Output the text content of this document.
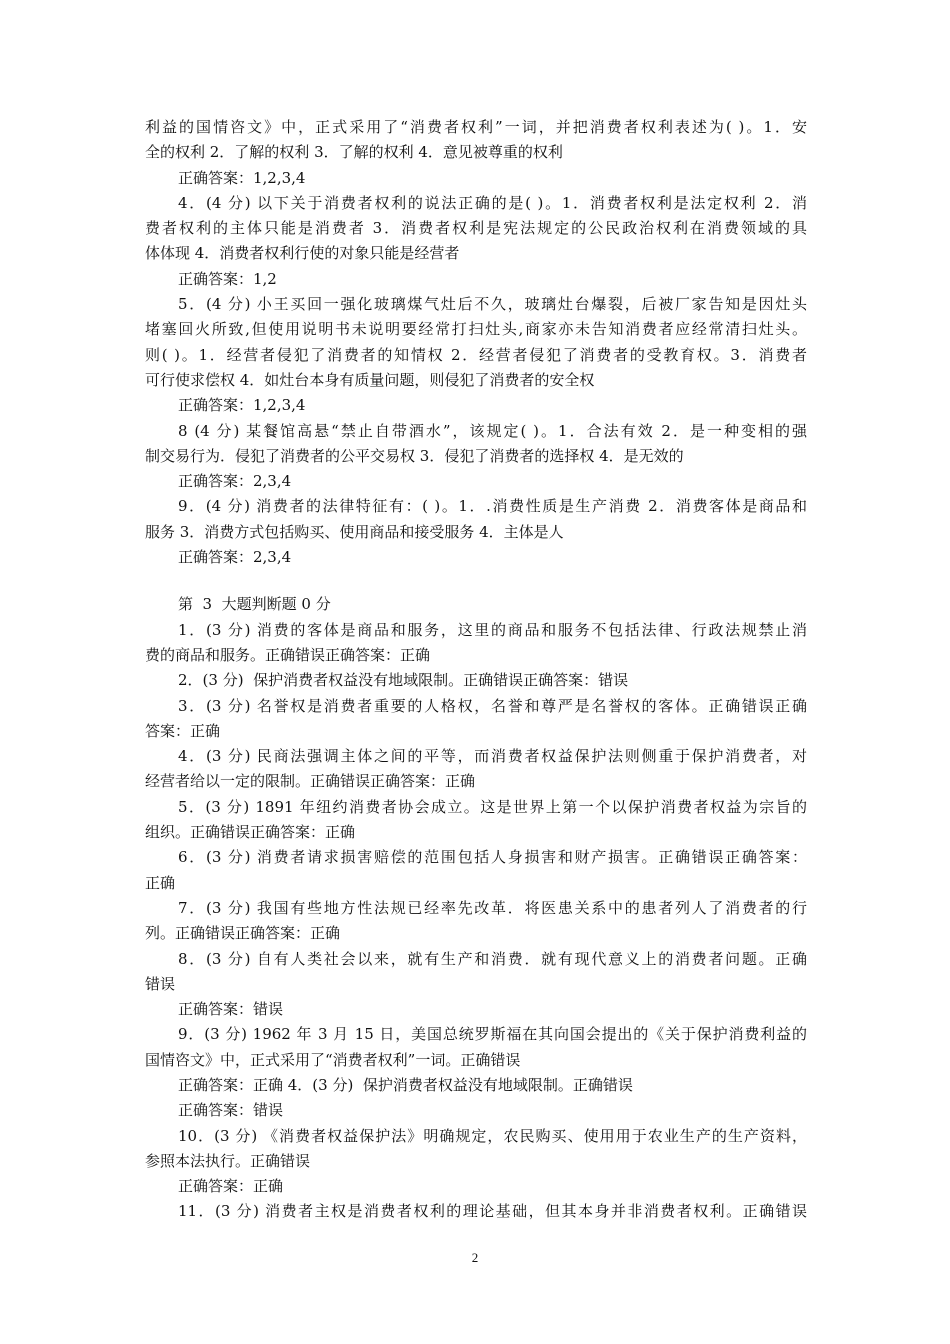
利益的国情咨文》中，正式采用了“消费者权利”一词，并把消费者权利表述为( )。1．安
全的权利 2．了解的权利 3．了解的权利 4．意见被尊重的权利
正确答案：1,2,3,4
4．(4 分) 以下关于消费者权利的说法正确的是( )。1．消费者权利是法定权利 2．消
费者权利的主体只能是消费者 3．消费者权利是宪法规定的公民政治权利在消费领域的具
体体现 4．消费者权利行使的对象只能是经营者
正确答案：1,2
5．(4 分) 小王买回一强化玻璃煤气灶后不久，玻璃灶台爆裂，后被厂家告知是因灶头
堵塞回火所致,但使用说明书未说明要经常打扫灶头,商家亦未告知消费者应经常清扫灶头。
则( )。1．经营者侵犯了消费者的知情权 2．经营者侵犯了消费者的受教育权。3．消费者
可行使求偿权 4．如灶台本身有质量问题，则侵犯了消费者的安全权
正确答案：1,2,3,4
8 (4 分) 某餐馆高悬“禁止自带酒水”，该规定( )。1．合法有效 2．是一种变相的强
制交易行为．侵犯了消费者的公平交易权 3．侵犯了消费者的选择权 4．是无效的
正确答案：2,3,4
9．(4 分) 消费者的法律特征有：( )。1．.消费性质是生产消费 2．消费客体是商品和
服务 3．消费方式包括购买、使用商品和接受服务 4．主体是人
正确答案：2,3,4
第  3  大题判断题 0 分
1．(3 分) 消费的客体是商品和服务，这里的商品和服务不包括法律、行政法规禁止消
费的商品和服务。正确错误正确答案：正确
2．(3 分)  保护消费者权益没有地域限制。正确错误正确答案：错误
3．(3 分) 名誉权是消费者重要的人格权，名誉和尊严是名誉权的客体。正确错误正确
答案：正确
4．(3 分) 民商法强调主体之间的平等，而消费者权益保护法则侧重于保护消费者，对
经营者给以一定的限制。正确错误正确答案：正确
5．(3 分) 1891 年纽约消费者协会成立。这是世界上第一个以保护消费者权益为宗旨的
组织。正确错误正确答案：正确
6．(3 分) 消费者请求损害赔偿的范围包括人身损害和财产损害。正确错误正确答案：
正确
7．(3 分) 我国有些地方性法规已经率先改革．将医患关系中的患者列人了消费者的行
列。正确错误正确答案：正确
8．(3 分) 自有人类社会以来，就有生产和消费．就有现代意义上的消费者问题。正确
错误
正确答案：错误
9．(3 分) 1962 年 3 月 15 日，美国总统罗斯福在其向国会提出的《关于保护消费利益的
国情咨文》中，正式采用了“消费者权利”一词。正确错误
正确答案：正确 4．(3 分)  保护消费者权益没有地域限制。正确错误
正确答案：错误
10．(3 分) 《消费者权益保护法》明确规定，农民购买、使用用于农业生产的生产资料，
参照本法执行。正确错误
正确答案：正确
11．(3 分) 消费者主权是消费者权利的理论基础，但其本身并非消费者权利。正确错误
2
